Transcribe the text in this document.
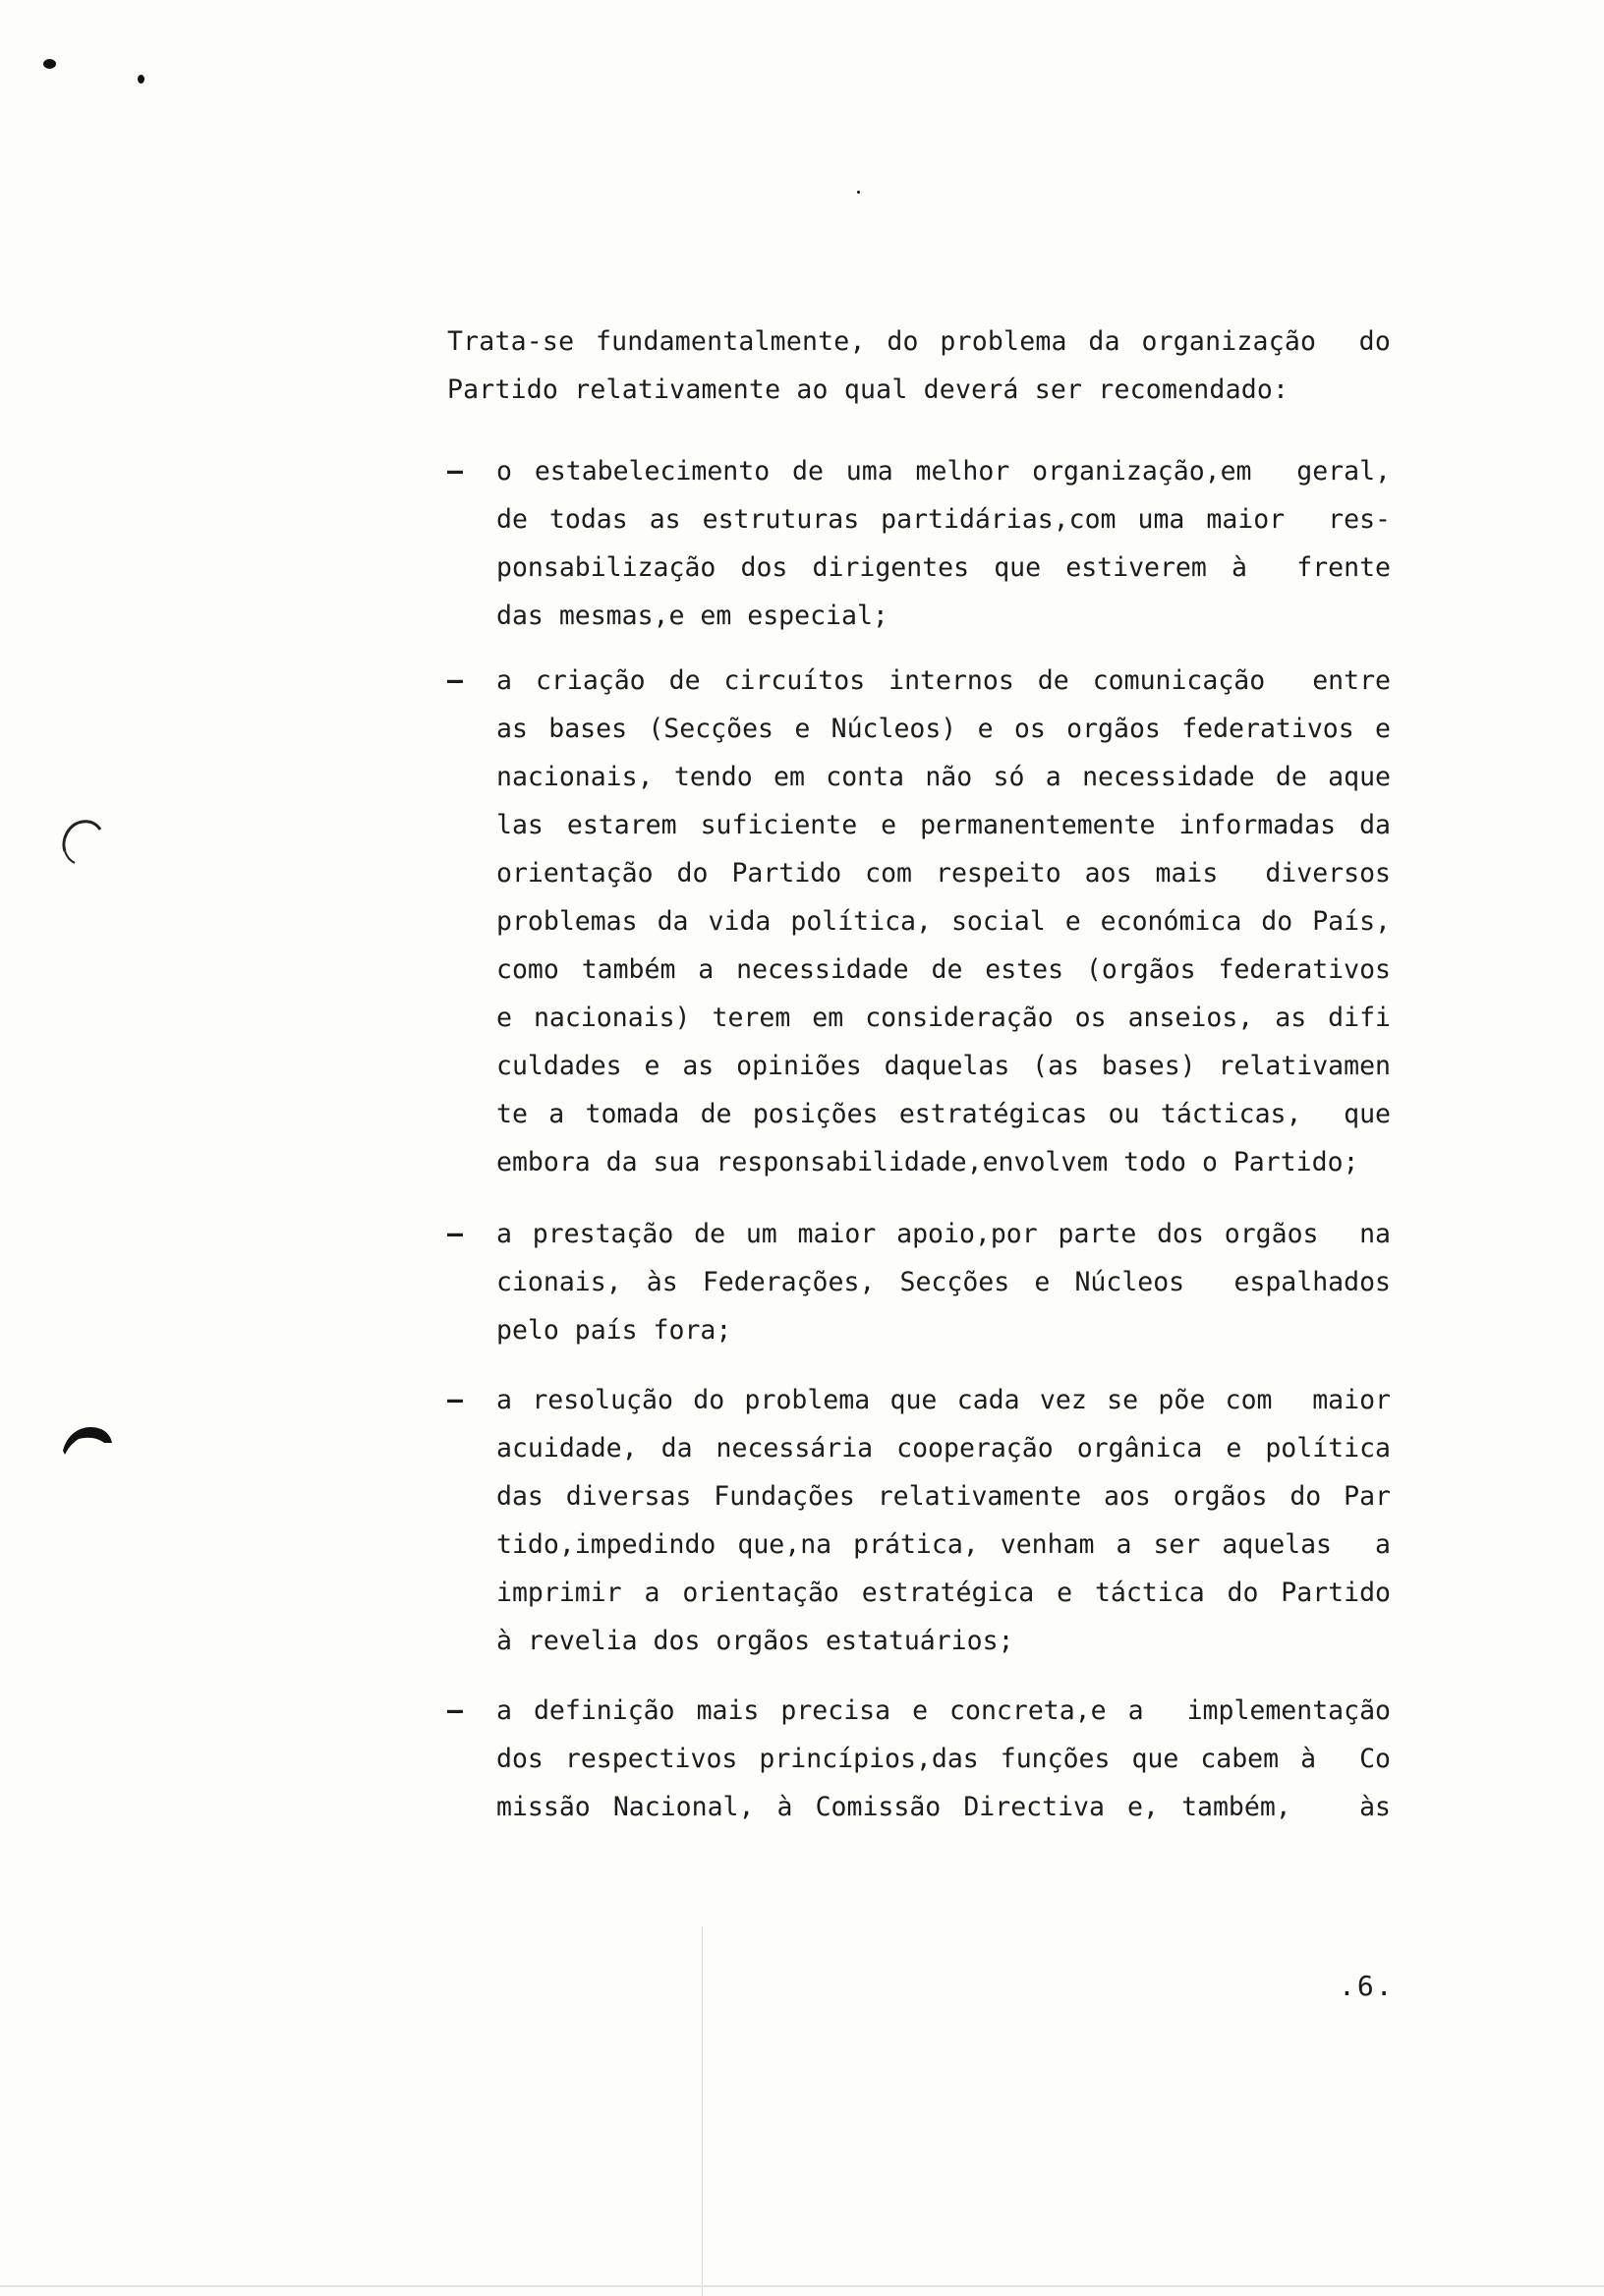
Trata-se fundamentalmente, do problema da organização  do
Partido relativamente ao qual deverá ser recomendado:
–	o estabelecimento de uma melhor organização,em  geral,
de todas as estruturas partidárias,com uma maior  res-
ponsabilização dos dirigentes que estiverem à  frente
das mesmas,e em especial;
–	a criação de circuítos internos de comunicação  entre
as bases (Secções e Núcleos) e os orgãos federativos e
nacionais, tendo em conta não só a necessidade de aque
las estarem suficiente e permanentemente informadas da
orientação do Partido com respeito aos mais  diversos
problemas da vida política, social e económica do País,
como também a necessidade de estes (orgãos federativos
e nacionais) terem em consideração os anseios, as difi
culdades e as opiniões daquelas (as bases) relativamen
te a tomada de posições estratégicas ou tácticas,  que
embora da sua responsabilidade,envolvem todo o Partido;
–	a prestação de um maior apoio,por parte dos orgãos  na
cionais, às Federações, Secções e Núcleos  espalhados
pelo país fora;
–	a resolução do problema que cada vez se põe com  maior
acuidade, da necessária cooperação orgânica e política
das diversas Fundações relativamente aos orgãos do Par
tido,impedindo que,na prática, venham a ser aquelas  a
imprimir a orientação estratégica e táctica do Partido
à revelia dos orgãos estatuários;
–	a definição mais precisa e concreta,e a  implementação
dos respectivos princípios,das funções que cabem à  Co
missão Nacional, à Comissão Directiva e, também,   às
.6.
